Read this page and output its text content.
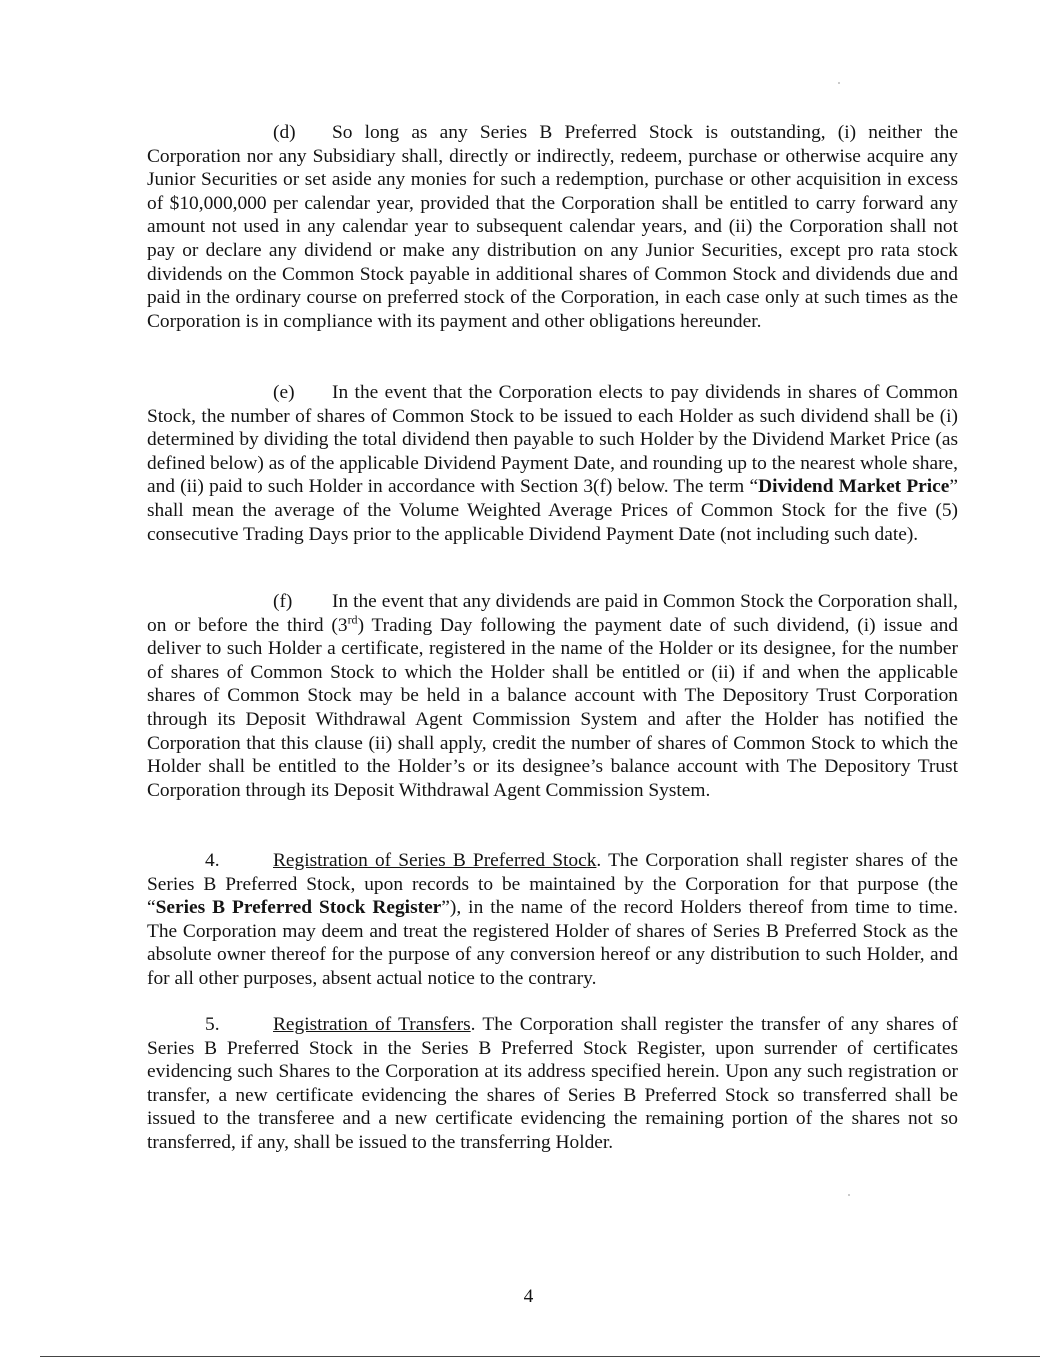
(d) So long as any Series B Preferred Stock is outstanding, (i) neither the Corporation nor any Subsidiary shall, directly or indirectly, redeem, purchase or otherwise acquire any Junior Securities or set aside any monies for such a redemption, purchase or other acquisition in excess of $10,000,000 per calendar year, provided that the Corporation shall be entitled to carry forward any amount not used in any calendar year to subsequent calendar years, and (ii) the Corporation shall not pay or declare any dividend or make any distribution on any Junior Securities, except pro rata stock dividends on the Common Stock payable in additional shares of Common Stock and dividends due and paid in the ordinary course on preferred stock of the Corporation, in each case only at such times as the Corporation is in compliance with its payment and other obligations hereunder.

(e) In the event that the Corporation elects to pay dividends in shares of Common Stock, the number of shares of Common Stock to be issued to each Holder as such dividend shall be (i) determined by dividing the total dividend then payable to such Holder by the Dividend Market Price (as defined below) as of the applicable Dividend Payment Date, and rounding up to the nearest whole share, and (ii) paid to such Holder in accordance with Section 3(f) below. The term “Dividend Market Price” shall mean the average of the Volume Weighted Average Prices of Common Stock for the five (5) consecutive Trading Days prior to the applicable Dividend Payment Date (not including such date).

(f) In the event that any dividends are paid in Common Stock the Corporation shall, on or before the third (3rd) Trading Day following the payment date of such dividend, (i) issue and deliver to such Holder a certificate, registered in the name of the Holder or its designee, for the number of shares of Common Stock to which the Holder shall be entitled or (ii) if and when the applicable shares of Common Stock may be held in a balance account with The Depository Trust Corporation through its Deposit Withdrawal Agent Commission System and after the Holder has notified the Corporation that this clause (ii) shall apply, credit the number of shares of Common Stock to which the Holder shall be entitled to the Holder’s or its designee’s balance account with The Depository Trust Corporation through its Deposit Withdrawal Agent Commission System.

4.	Registration of Series B Preferred Stock. The Corporation shall register shares of the Series B Preferred Stock, upon records to be maintained by the Corporation for that purpose (the “Series B Preferred Stock Register”), in the name of the record Holders thereof from time to time. The Corporation may deem and treat the registered Holder of shares of Series B Preferred Stock as the absolute owner thereof for the purpose of any conversion hereof or any distribution to such Holder, and for all other purposes, absent actual notice to the contrary.

5.	Registration of Transfers. The Corporation shall register the transfer of any shares of Series B Preferred Stock in the Series B Preferred Stock Register, upon surrender of certificates evidencing such Shares to the Corporation at its address specified herein. Upon any such registration or transfer, a new certificate evidencing the shares of Series B Preferred Stock so transferred shall be issued to the transferee and a new certificate evidencing the remaining portion of the shares not so transferred, if any, shall be issued to the transferring Holder.

4
